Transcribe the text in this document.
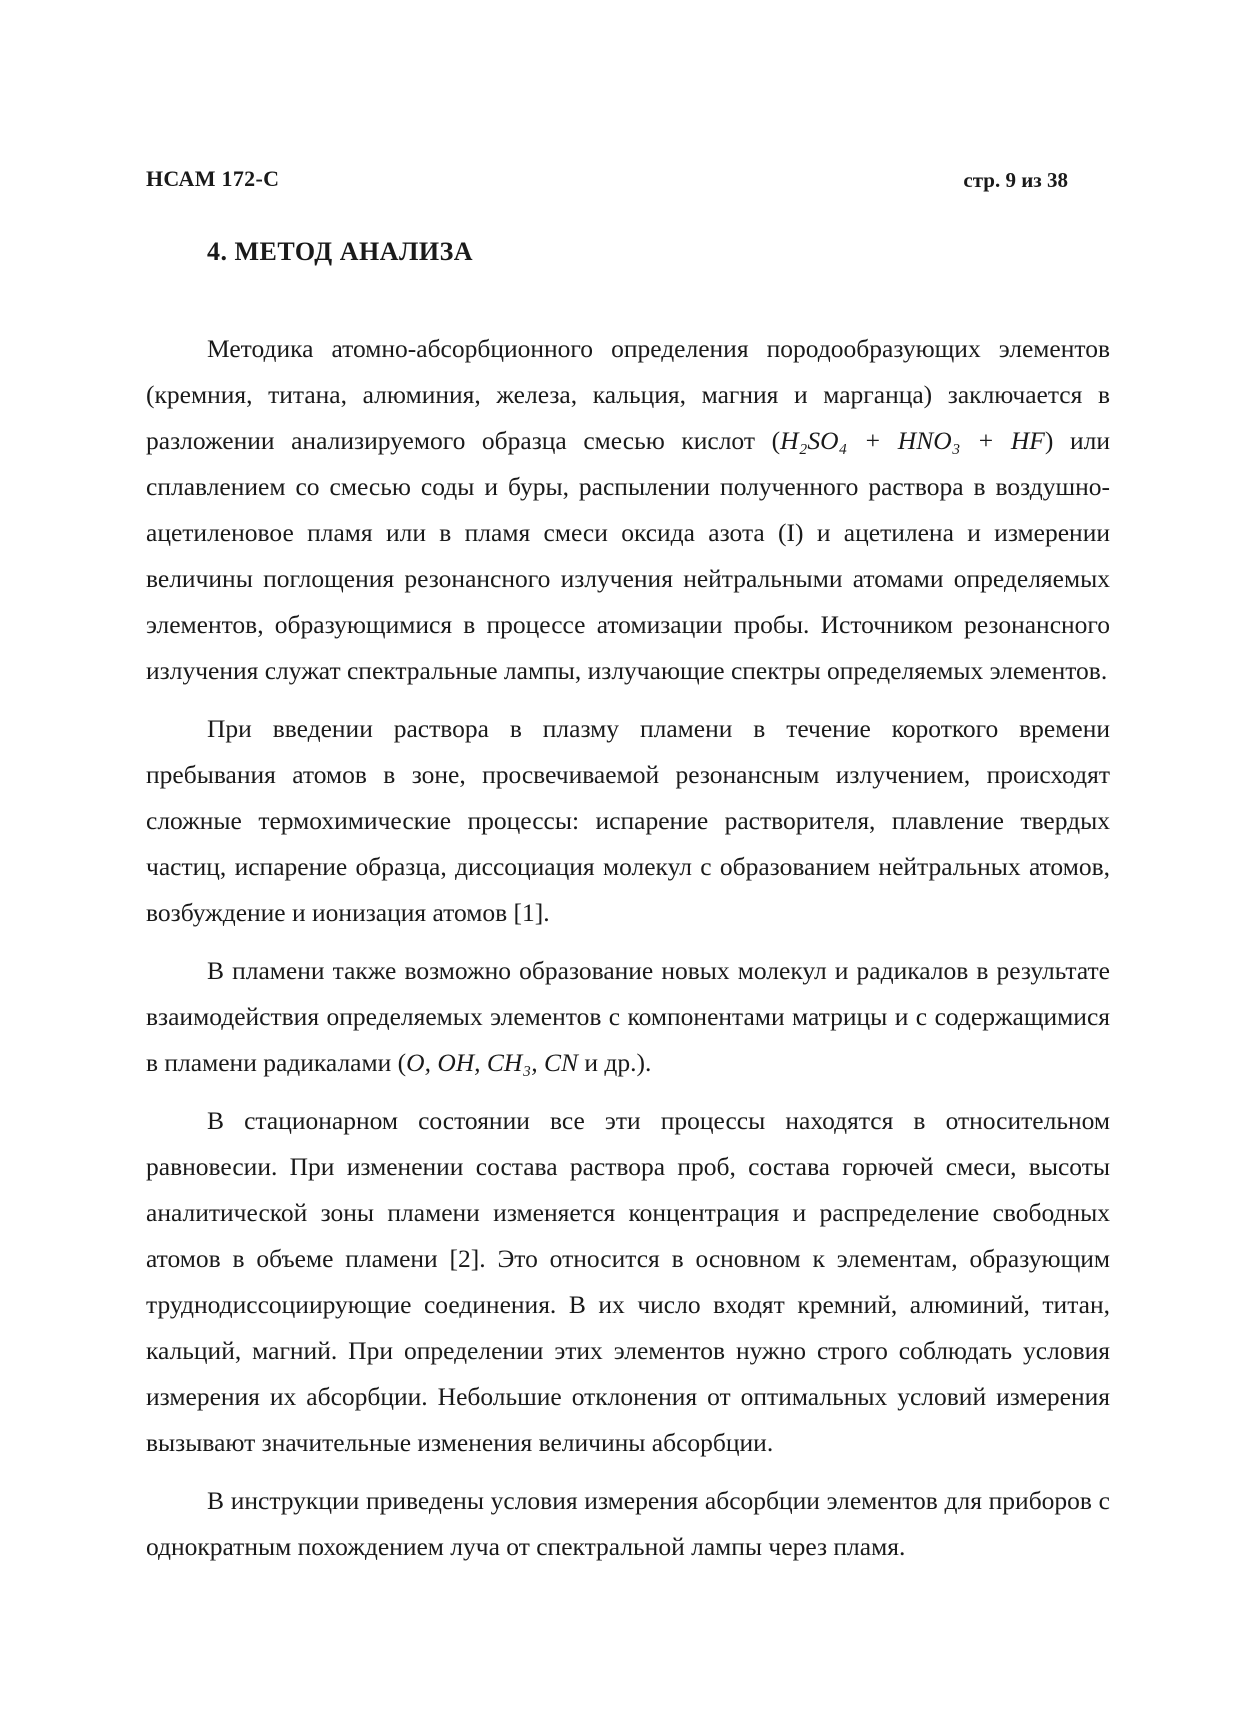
НСАМ 172-С	стр. 9 из 38
4. МЕТОД АНАЛИЗА

Методика атомно-абсорбционного определения породообразующих элементов (кремния, титана, алюминия, железа, кальция, магния и марганца) заключается в разложении анализируемого образца смесью кислот (H₂SO₄ + HNO₃ + HF) или сплавлением со смесью соды и буры, распылении полученного раствора в воздушно-ацетиленовое пламя или в пламя смеси оксида азота (I) и ацетилена и измерении величины поглощения резонансного излучения нейтральными атомами определяемых элементов, образующимися в процессе атомизации пробы. Источником резонансного излучения служат спектральные лампы, излучающие спектры определяемых элементов.

При введении раствора в плазму пламени в течение короткого времени пребывания атомов в зоне, просвечиваемой резонансным излучением, происходят сложные термохимические процессы: испарение растворителя, плавление твердых частиц, испарение образца, диссоциация молекул с образованием нейтральных атомов, возбуждение и ионизация атомов [1].

В пламени также возможно образование новых молекул и радикалов в результате взаимодействия определяемых элементов с компонентами матрицы и с содержащимися в пламени радикалами (O, OH, CH₃, CN и др.).

В стационарном состоянии все эти процессы находятся в относительном равновесии. При изменении состава раствора проб, состава горючей смеси, высоты аналитической зоны пламени изменяется концентрация и распределение свободных атомов в объеме пламени [2]. Это относится в основном к элементам, образующим труднодиссоциирующие соединения. В их число входят кремний, алюминий, титан, кальций, магний. При определении этих элементов нужно строго соблюдать условия измерения их абсорбции. Небольшие отклонения от оптимальных условий измерения вызывают значительные изменения величины абсорбции.

В инструкции приведены условия измерения абсорбции элементов для приборов с однократным похождением луча от спектральной лампы через пламя.
